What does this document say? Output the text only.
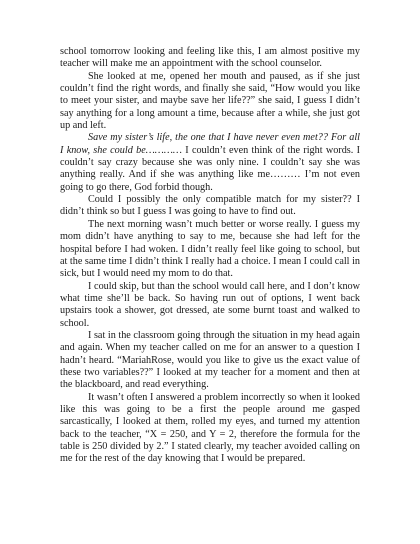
school tomorrow looking and feeling like this, I am almost positive my teacher will make me an appointment with the school counselor.

She looked at me, opened her mouth and paused, as if she just couldn’t find the right words, and finally she said, “How would you like to meet your sister, and maybe save her life??” she said, I guess I didn’t say anything for a long amount a time, because after a while, she just got up and left.

Save my sister’s life, the one that I have never even met?? For all I know, she could be………… I couldn’t even think of the right words. I couldn’t say crazy because she was only nine. I couldn’t say she was anything really. And if she was anything like me……… I’m not even going to go there, God forbid though.

Could I possibly the only compatible match for my sister?? I didn’t think so but I guess I was going to have to find out.

The next morning wasn’t much better or worse really. I guess my mom didn’t have anything to say to me, because she had left for the hospital before I had woken. I didn’t really feel like going to school, but at the same time I didn’t think I really had a choice. I mean I could call in sick, but I would need my mom to do that.

I could skip, but than the school would call here, and I don’t know what time she’ll be back. So having run out of options, I went back upstairs took a shower, got dressed, ate some burnt toast and walked to school.

I sat in the classroom going through the situation in my head again and again. When my teacher called on me for an answer to a question I hadn’t heard. “MariahRose, would you like to give us the exact value of these two variables??” I looked at my teacher for a moment and then at the blackboard, and read everything.

It wasn’t often I answered a problem incorrectly so when it looked like this was going to be a first the people around me gasped sarcastically, I looked at them, rolled my eyes, and turned my attention back to the teacher, “X = 250, and Y = 2, therefore the formula for the table is 250 divided by 2.” I stated clearly, my teacher avoided calling on me for the rest of the day knowing that I would be prepared.
